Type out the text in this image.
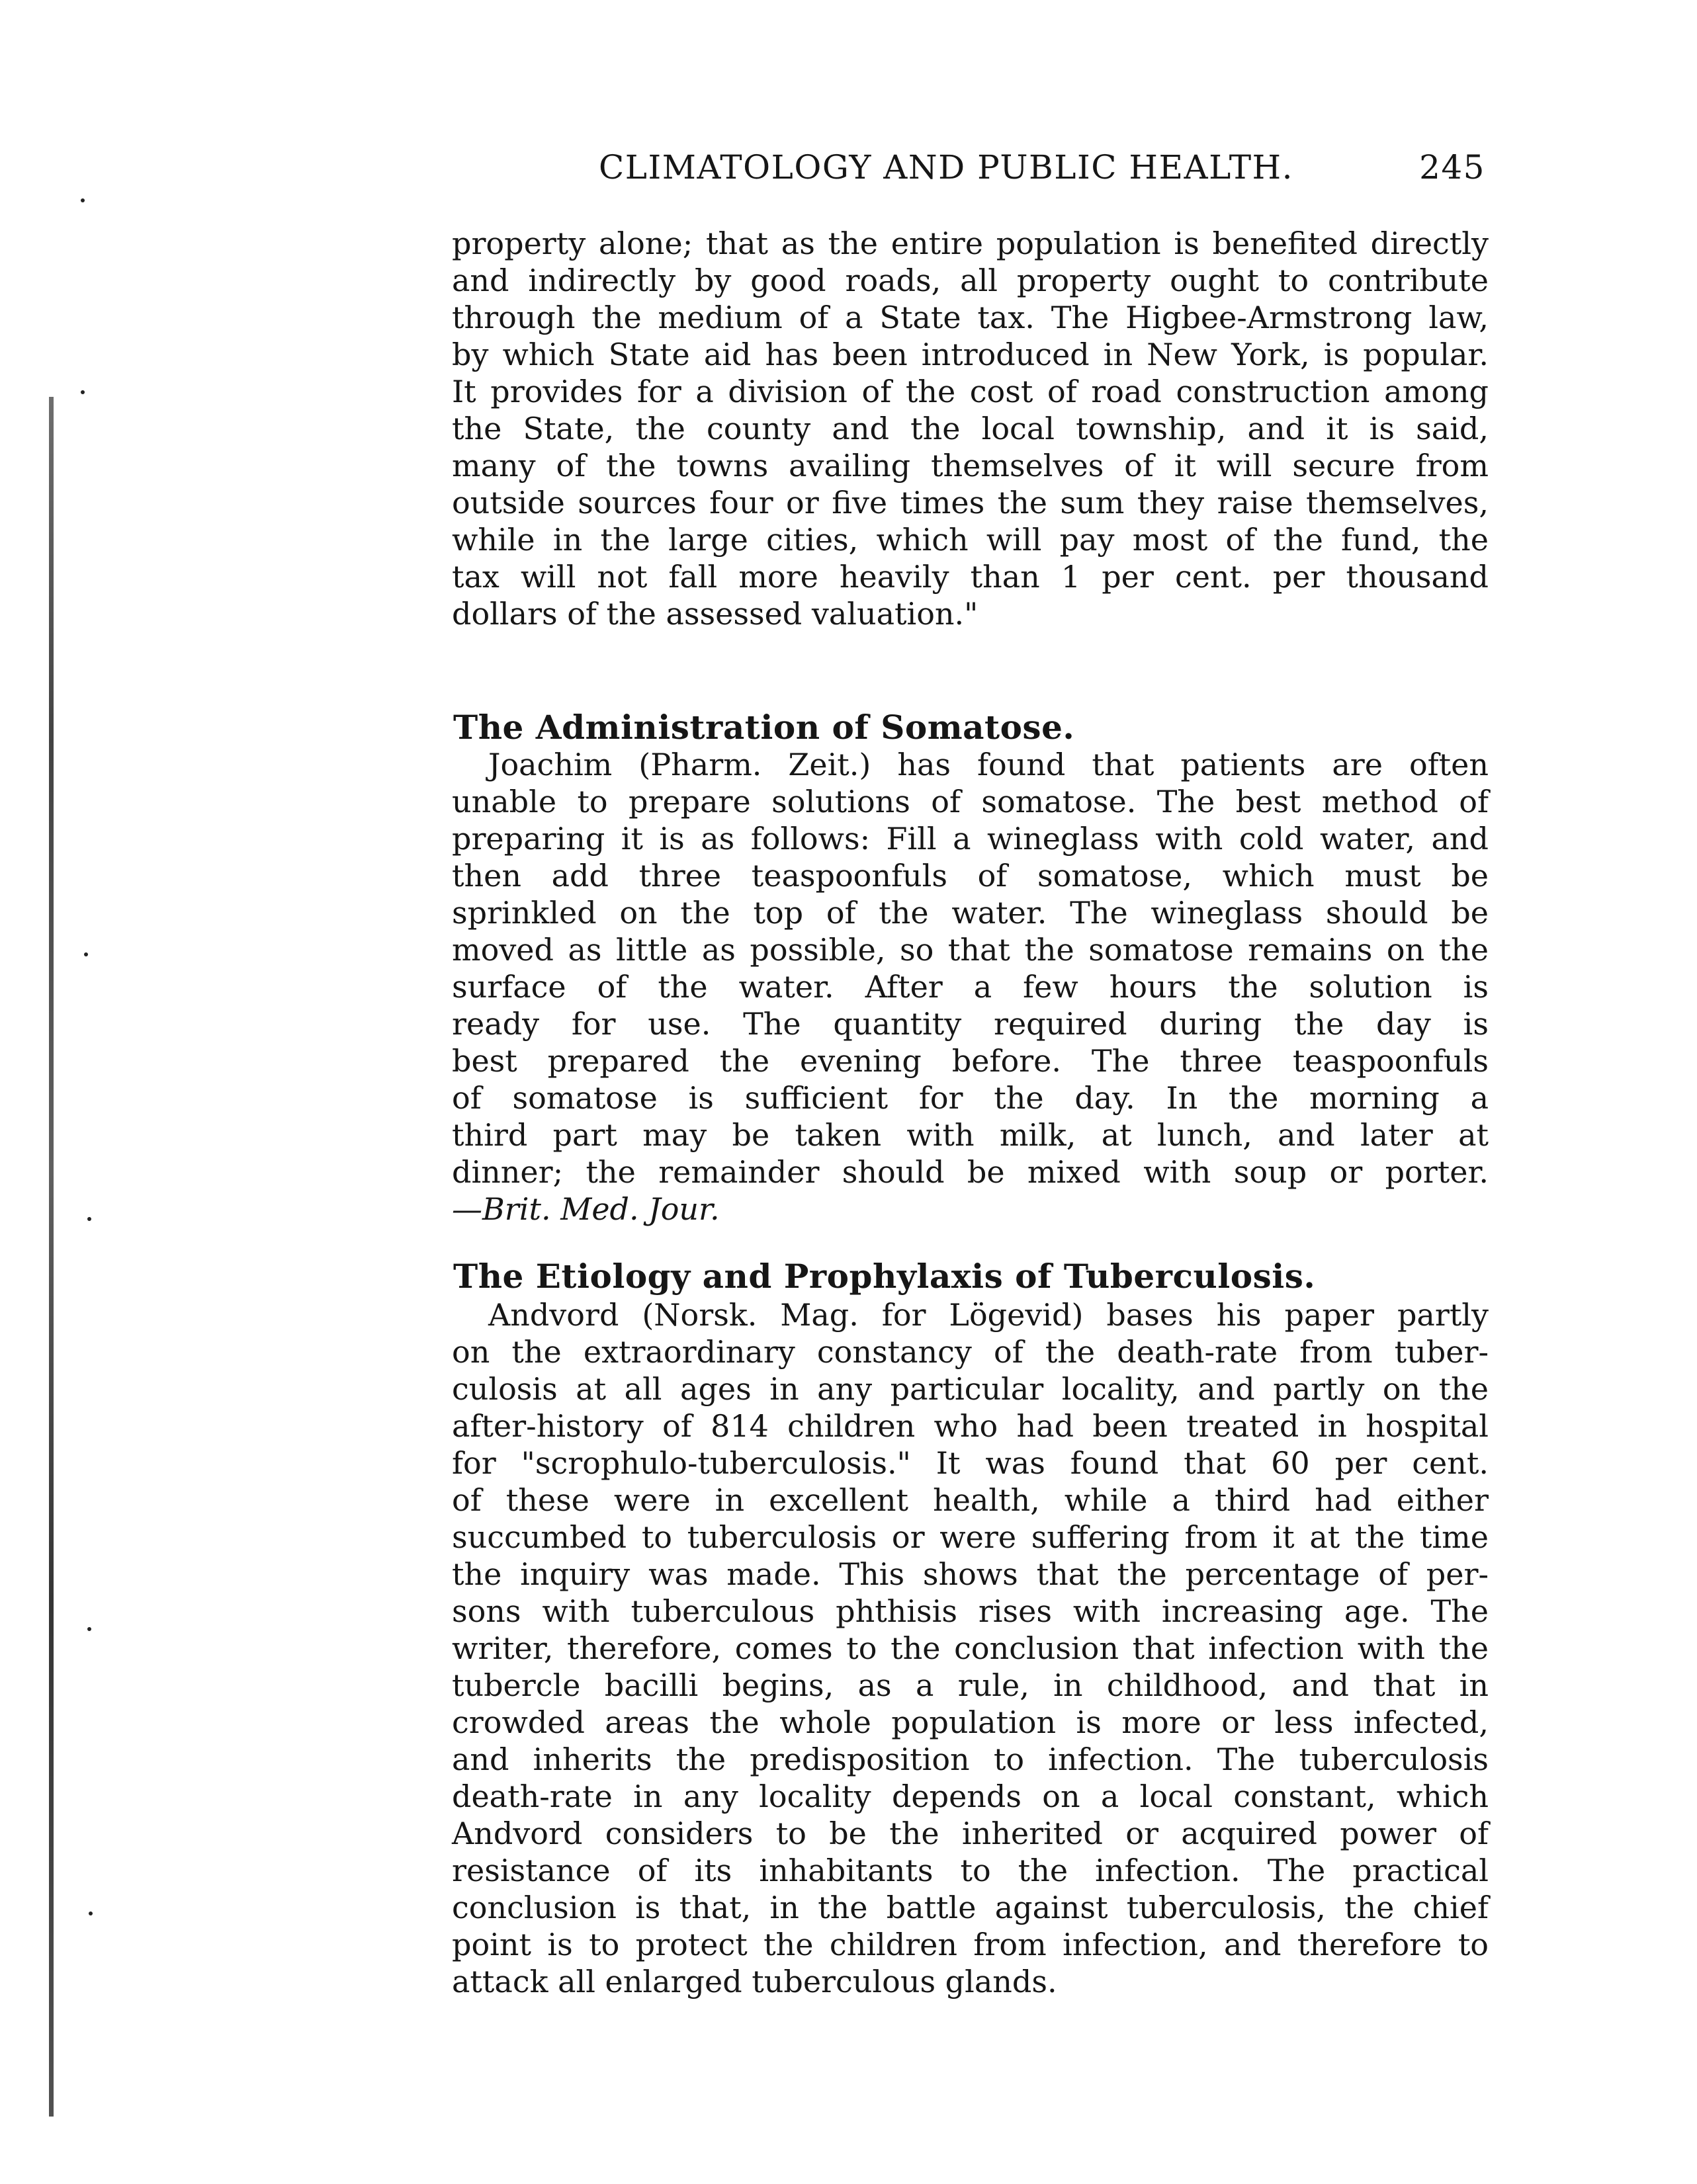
CLIMATOLOGY AND PUBLIC HEALTH.	245
property alone; that as the entire population is benefited directly
and indirectly by good roads, all property ought to contribute
through the medium of a State tax. The Higbee-Armstrong law,
by which State aid has been introduced in New York, is popular.
It provides for a division of the cost of road construction among
the State, the county and the local township, and it is said,
many of the towns availing themselves of it will secure from
outside sources four or five times the sum they raise themselves,
while in the large cities, which will pay most of the fund, the
tax will not fall more heavily than 1 per cent. per thousand
dollars of the assessed valuation."
The Administration of Somatose.
Joachim (Pharm. Zeit.) has found that patients are often
unable to prepare solutions of somatose. The best method of
preparing it is as follows: Fill a wineglass with cold water, and
then add three teaspoonfuls of somatose, which must be
sprinkled on the top of the water. The wineglass should be
moved as little as possible, so that the somatose remains on the
surface of the water. After a few hours the solution is
ready for use. The quantity required during the day is
best prepared the evening before. The three teaspoonfuls
of somatose is sufficient for the day. In the morning a
third part may be taken with milk, at lunch, and later at
dinner; the remainder should be mixed with soup or porter.
—Brit. Med. Jour.
The Etiology and Prophylaxis of Tuberculosis.
Andvord (Norsk. Mag. for Lögevid) bases his paper partly
on the extraordinary constancy of the death-rate from tuber-
culosis at all ages in any particular locality, and partly on the
after-history of 814 children who had been treated in hospital
for "scrophulo-tuberculosis." It was found that 60 per cent.
of these were in excellent health, while a third had either
succumbed to tuberculosis or were suffering from it at the time
the inquiry was made. This shows that the percentage of per-
sons with tuberculous phthisis rises with increasing age. The
writer, therefore, comes to the conclusion that infection with the
tubercle bacilli begins, as a rule, in childhood, and that in
crowded areas the whole population is more or less infected,
and inherits the predisposition to infection. The tuberculosis
death-rate in any locality depends on a local constant, which
Andvord considers to be the inherited or acquired power of
resistance of its inhabitants to the infection. The practical
conclusion is that, in the battle against tuberculosis, the chief
point is to protect the children from infection, and therefore to
attack all enlarged tuberculous glands.
